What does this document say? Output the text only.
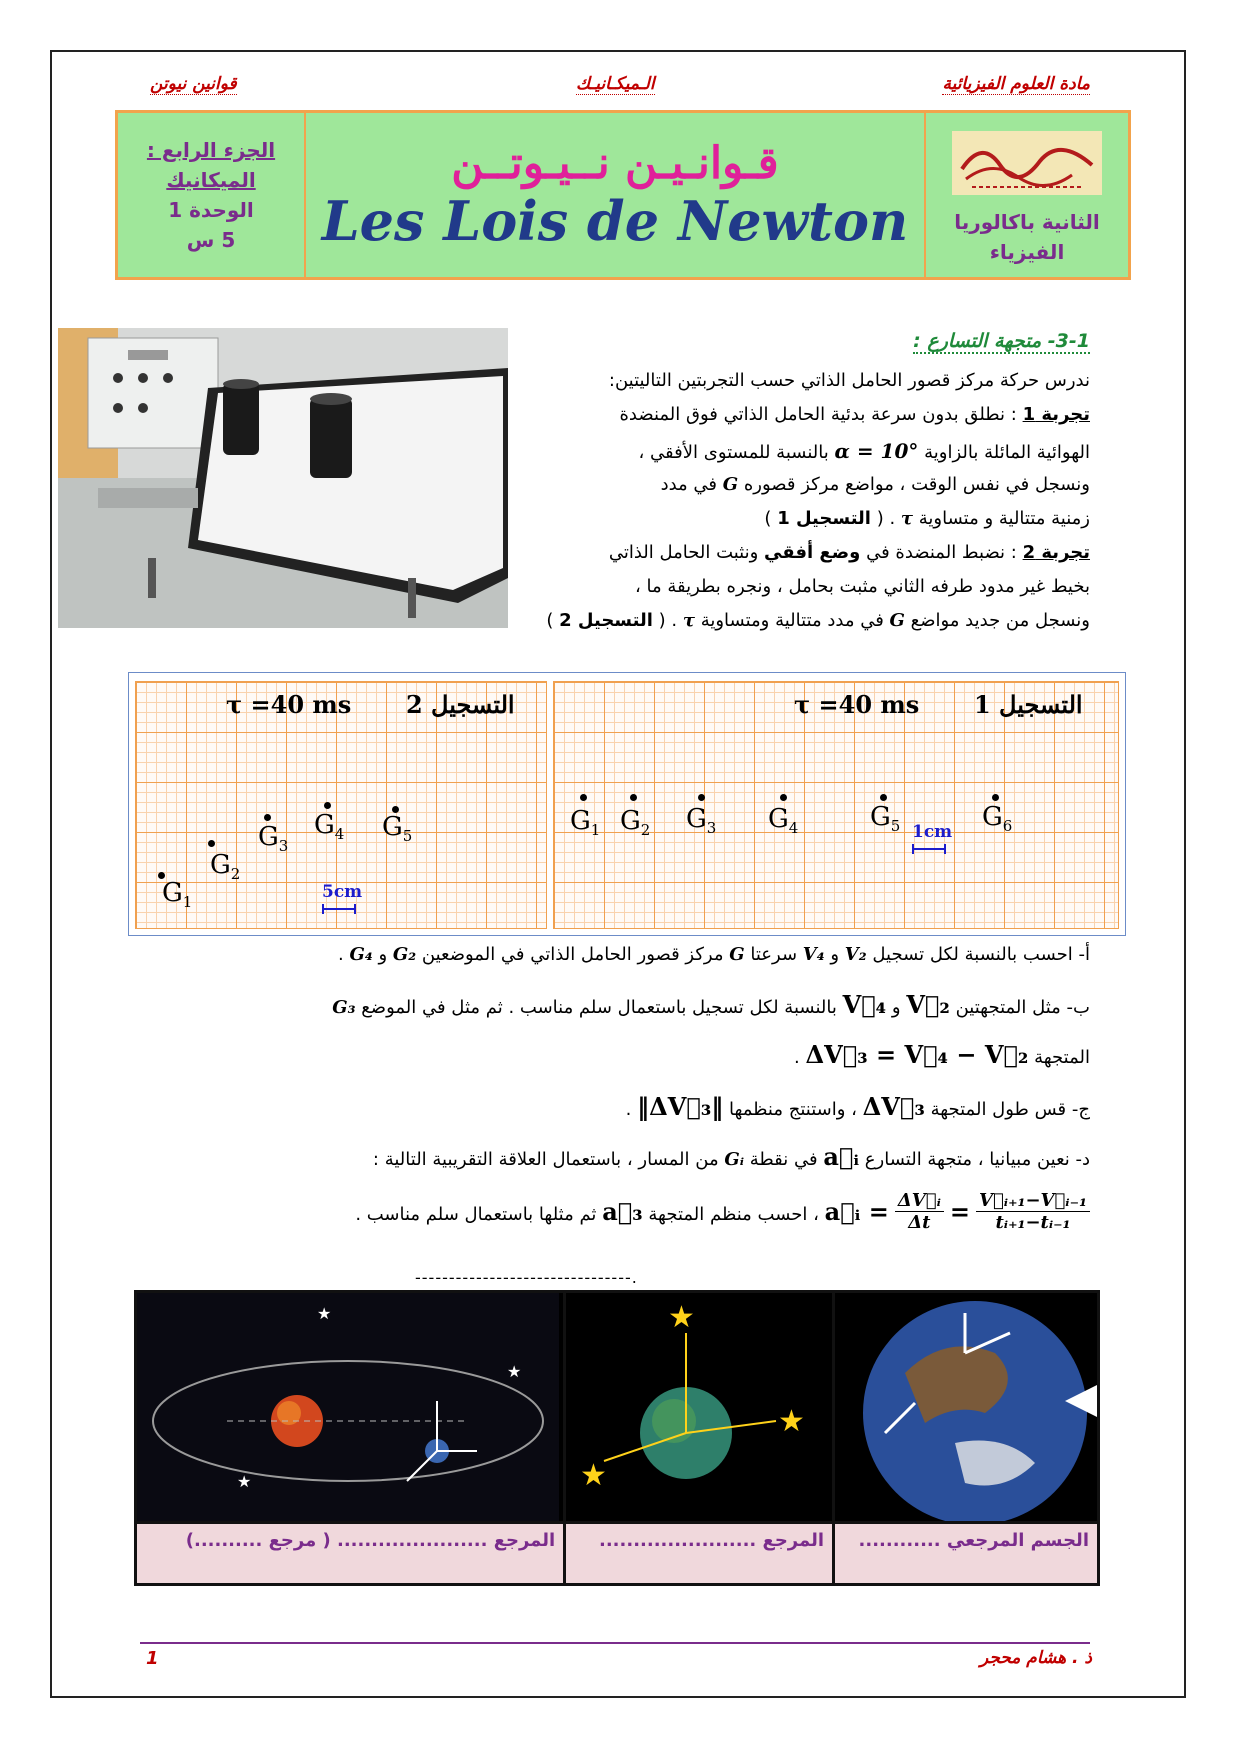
مادة العلوم الفيزيائية
الـميكـانيـك
قوانين نيوتن
الجزء الرابع :
الميكانيك
الوحدة 1
5 س
قـوانـيـن نــيـوتــن
Les Lois de Newton الثانية باكالوريا
الفيزياء
3-1- متجهة التسارع :
ندرس حركة مركز قصور الحامل الذاتي حسب التجربتين التاليتين:
تجربة 1 : نطلق بدون سرعة بدئية الحامل الذاتي فوق المنضدة
الهوائية المائلة بالزاوية α = 10° بالنسبة للمستوى الأفقي ،
ونسجل في نفس الوقت ، مواضع مركز قصوره G في مدد
زمنية متتالية و متساوية τ . ( التسجيل 1 )
تجربة 2 : نضبط المنضدة في وضع أفقي ونثبت الحامل الذاتي
بخيط غير مدود طرفه الثاني مثبت بحامل ، ونجره بطريقة ما ،
ونسجل من جديد مواضع G في مدد متتالية ومتساوية τ . ( التسجيل 2 )
τ =40 ms التسجيل 2
$G_1$
$G_2$
$G_3$
$G_4$ $G_5$
5cm
τ =40 ms التسجيل 1
$G_1$ $G_2$ $G_3$ $G_4$	$G_5$	$G_6$
1cm
أ- احسب بالنسبة لكل تسجيل V₂ و V₄ سرعتا G مركز قصور الحامل الذاتي في الموضعين G₂ و G₄ .
ب- مثل المتجهتين V⃗₂ و V⃗₄ بالنسبة لكل تسجيل باستعمال سلم مناسب . ثم مثل في الموضع G₃
المتجهة ΔV⃗₃ = V⃗₄ − V⃗₂ .
ج- قس طول المتجهة ΔV⃗₃ ، واستنتج منظمها ‖ΔV⃗₃‖ .
د- نعين مبيانيا ، متجهة التسارع a⃗ᵢ في نقطة Gᵢ من المسار ، باستعمال العلاقة التقريبية التالية :
a⃗ᵢ = $\frac{\text{ΔV⃗ᵢ}}{\Delta t} = \frac{\text{V⃗ᵢ₊₁−V⃗ᵢ₋₁}}{\text{tᵢ₊₁−tᵢ₋₁}}$
، احسب منظم المتجهة a⃗₃ ثم مثلها باستعمال سلم مناسب .
--------------------------------.
★
★
★
المرجع ...................... ( مرجع ..........)
★
★
★
المرجع .......................	الجسم المرجعي ............
ذ . هشام محجر
1
